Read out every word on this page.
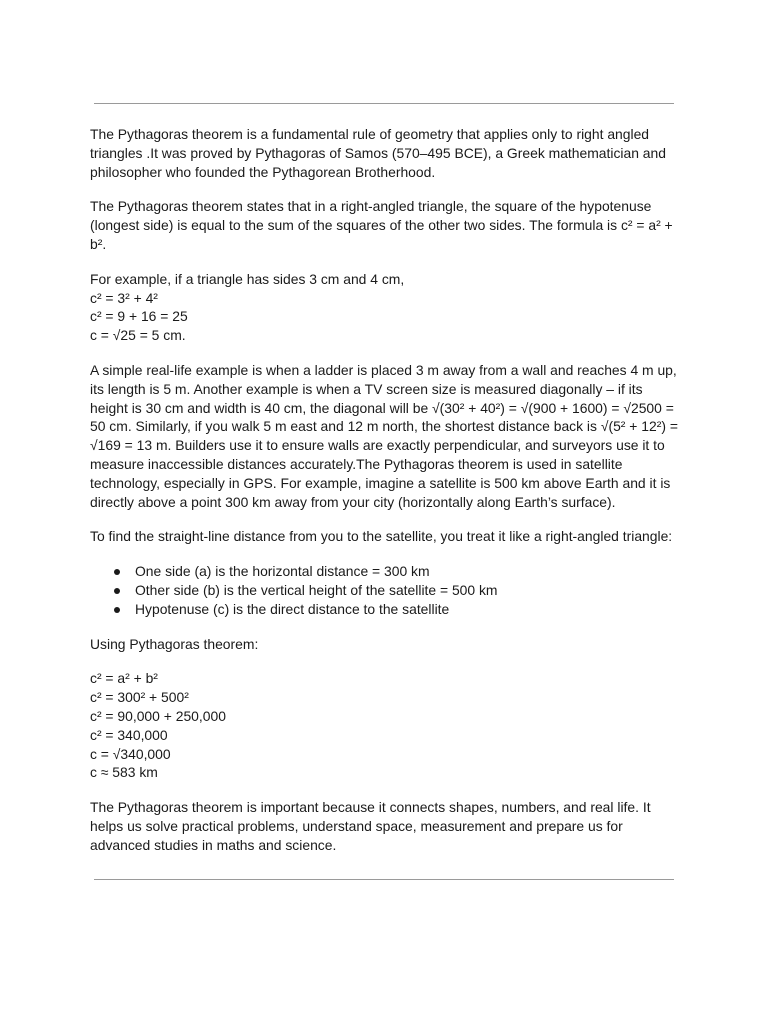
The Pythagoras theorem is a fundamental rule of geometry that applies only to right angled triangles .It was proved by Pythagoras of Samos (570–495 BCE), a Greek mathematician and philosopher who founded the Pythagorean Brotherhood.

The Pythagoras theorem states that in a right-angled triangle, the square of the hypotenuse (longest side) is equal to the sum of the squares of the other two sides. The formula is c² = a² + b².

For example, if a triangle has sides 3 cm and 4 cm,
c² = 3² + 4²
c² = 9 + 16 = 25
c = √25 = 5 cm.

A simple real-life example is when a ladder is placed 3 m away from a wall and reaches 4 m up, its length is 5 m. Another example is when a TV screen size is measured diagonally – if its height is 30 cm and width is 40 cm, the diagonal will be √(30² + 40²) = √(900 + 1600) = √2500 = 50 cm. Similarly, if you walk 5 m east and 12 m north, the shortest distance back is √(5² + 12²) = √169 = 13 m. Builders use it to ensure walls are exactly perpendicular, and surveyors use it to measure inaccessible distances accurately.The Pythagoras theorem is used in satellite technology, especially in GPS. For example, imagine a satellite is 500 km above Earth and it is directly above a point 300 km away from your city (horizontally along Earth’s surface).

To find the straight-line distance from you to the satellite, you treat it like a right-angled triangle:

One side (a) is the horizontal distance = 300 km
Other side (b) is the vertical height of the satellite = 500 km
Hypotenuse (c) is the direct distance to the satellite

Using Pythagoras theorem:

c² = a² + b²
c² = 300² + 500²
c² = 90,000 + 250,000
c² = 340,000
c = √340,000
c ≈ 583 km

The Pythagoras theorem is important because it connects shapes, numbers, and real life. It helps us solve practical problems, understand space, measurement and prepare us for advanced studies in maths and science.
